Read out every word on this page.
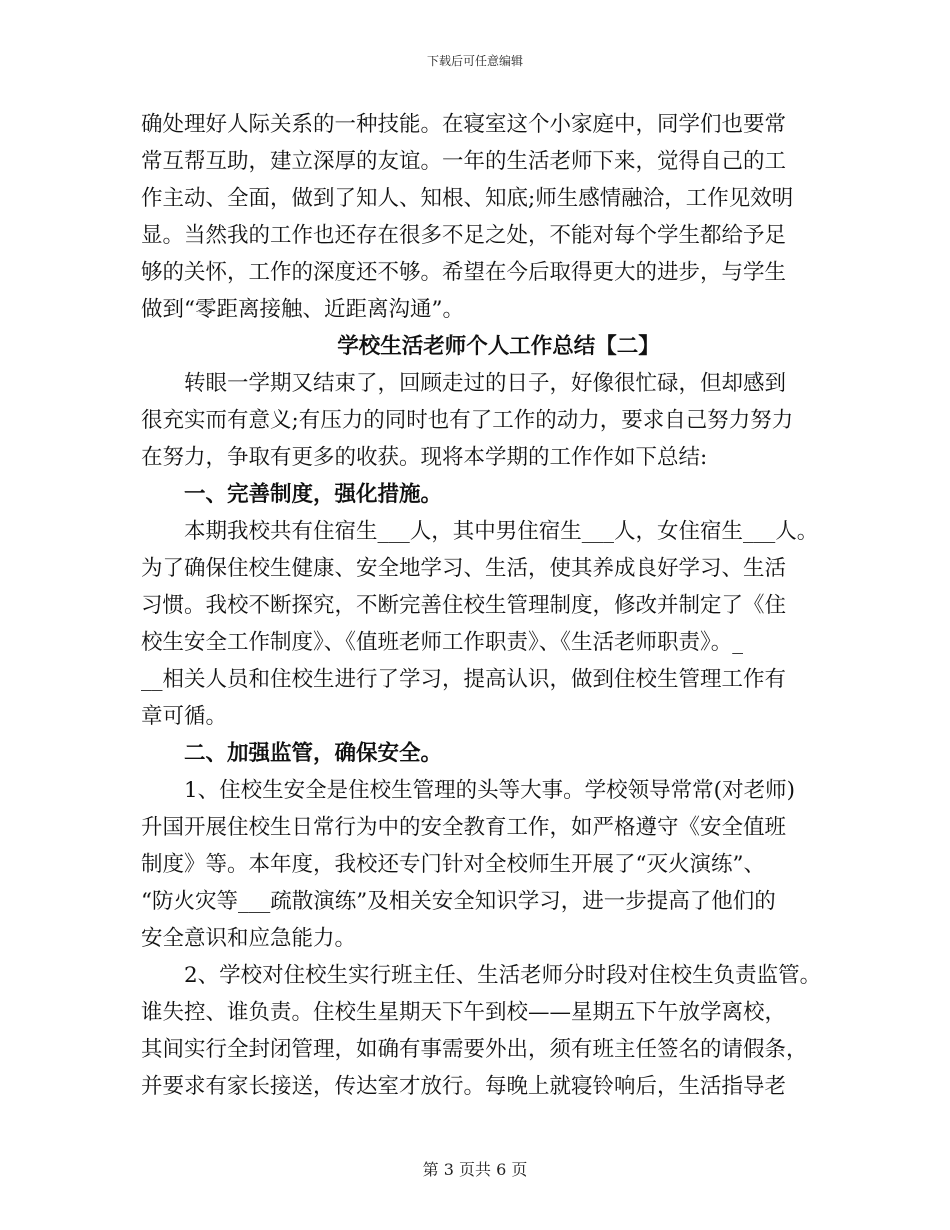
下载后可任意编辑
确处理好人际关系的一种技能。在寝室这个小家庭中，同学们也要常
常互帮互助，建立深厚的友谊。一年的生活老师下来，觉得自己的工
作主动、全面，做到了知人、知根、知底;师生感情融洽，工作见效明
显。当然我的工作也还存在很多不足之处，不能对每个学生都给予足
够的关怀，工作的深度还不够。希望在今后取得更大的进步，与学生
做到“零距离接触、近距离沟通”。
学校生活老师个人工作总结【二】
转眼一学期又结束了，回顾走过的日子，好像很忙碌，但却感到
很充实而有意义;有压力的同时也有了工作的动力，要求自己努力努力
在努力，争取有更多的收获。现将本学期的工作作如下总结:
一、完善制度，强化措施。
本期我校共有住宿生___人，其中男住宿生___人，女住宿生___人。
为了确保住校生健康、安全地学习、生活，使其养成良好学习、生活
习惯。我校不断探究，不断完善住校生管理制度，修改并制定了《住
校生安全工作制度》、《值班老师工作职责》、《生活老师职责》。_
__相关人员和住校生进行了学习，提高认识，做到住校生管理工作有
章可循。
二、加强监管，确保安全。
1、住校生安全是住校生管理的头等大事。学校领导常常(对老师)
升国开展住校生日常行为中的安全教育工作，如严格遵守《安全值班
制度》等。本年度，我校还专门针对全校师生开展了“灭火演练”、
“防火灾等___疏散演练”及相关安全知识学习，进一步提高了他们的
安全意识和应急能力。
2、学校对住校生实行班主任、生活老师分时段对住校生负责监管。
谁失控、谁负责。住校生星期天下午到校——星期五下午放学离校，
其间实行全封闭管理，如确有事需要外出，须有班主任签名的请假条，
并要求有家长接送，传达室才放行。每晚上就寝铃响后，生活指导老
第 3 页共 6 页
